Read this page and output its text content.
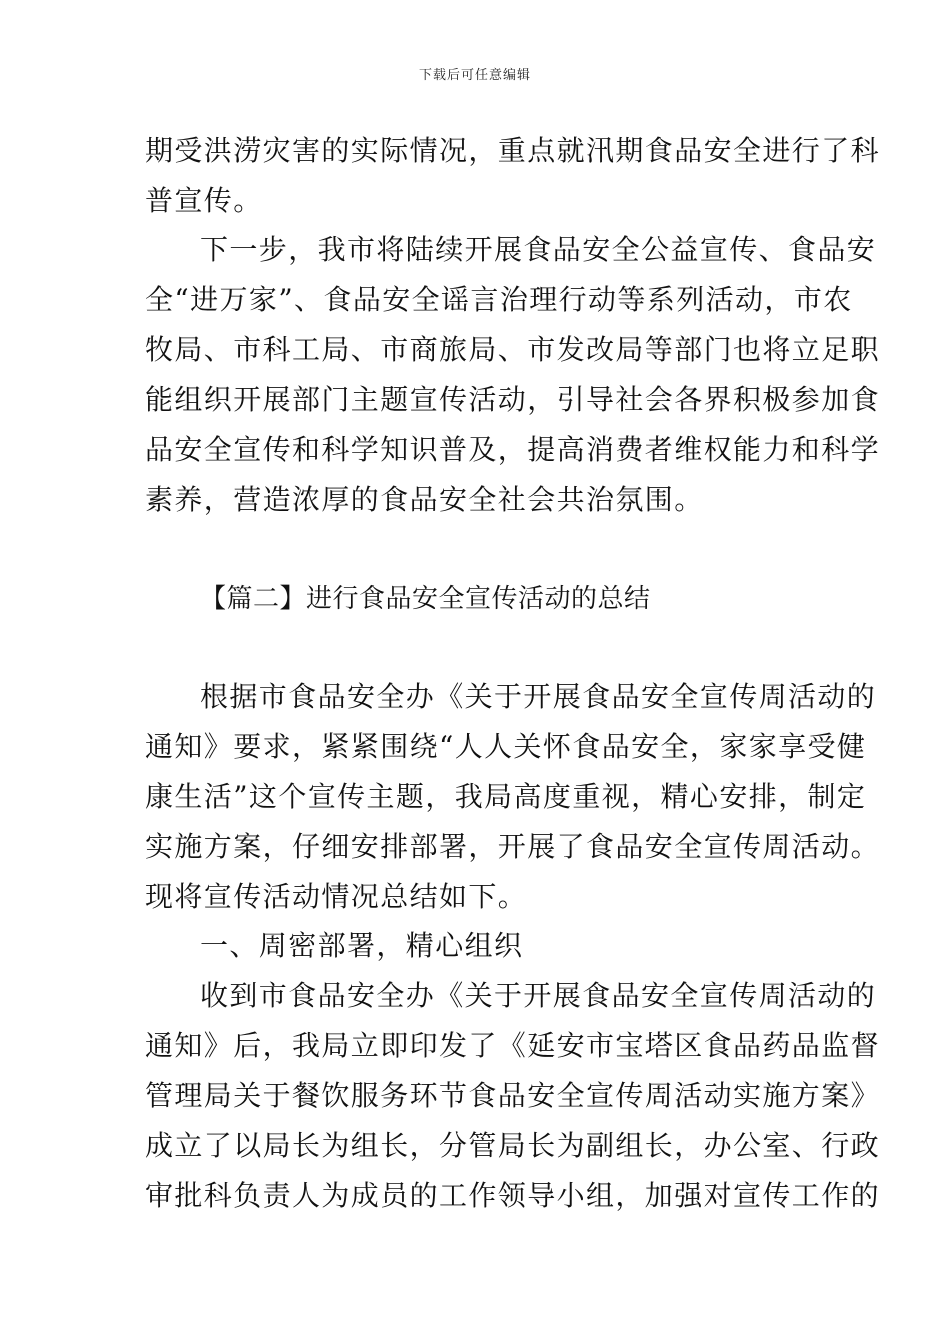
下载后可任意编辑
期受洪涝灾害的实际情况，重点就汛期食品安全进行了科
普宣传。
下一步，我市将陆续开展食品安全公益宣传、食品安
全“进万家”、食品安全谣言治理行动等系列活动，市农
牧局、市科工局、市商旅局、市发改局等部门也将立足职
能组织开展部门主题宣传活动，引导社会各界积极参加食
品安全宣传和科学知识普及，提高消费者维权能力和科学
素养，营造浓厚的食品安全社会共治氛围。
【篇二】进行食品安全宣传活动的总结
根据市食品安全办《关于开展食品安全宣传周活动的
通知》要求，紧紧围绕“人人关怀食品安全，家家享受健
康生活”这个宣传主题，我局高度重视，精心安排，制定
实施方案，仔细安排部署，开展了食品安全宣传周活动。
现将宣传活动情况总结如下。
一、周密部署，精心组织
收到市食品安全办《关于开展食品安全宣传周活动的
通知》后，我局立即印发了《延安市宝塔区食品药品监督
管理局关于餐饮服务环节食品安全宣传周活动实施方案》
成立了以局长为组长，分管局长为副组长，办公室、行政
审批科负责人为成员的工作领导小组，加强对宣传工作的
